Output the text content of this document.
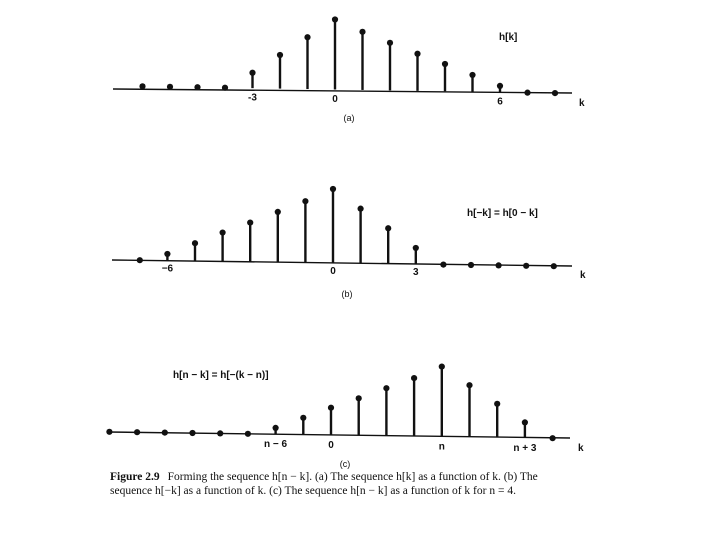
-3	0	6
h[k]
k
(a)
−6	0	3
h[−k] = h[0 − k]
k
(b)
n − 6	0	n	n + 3
h[n − k] = h[−(k − n)]
k
(c)
Figure 2.9 Forming the sequence h[n − k]. (a) The sequence h[k] as a function of k. (b) The sequence h[−k] as a function of k. (c) The sequence h[n − k] as a function of k for n = 4.
